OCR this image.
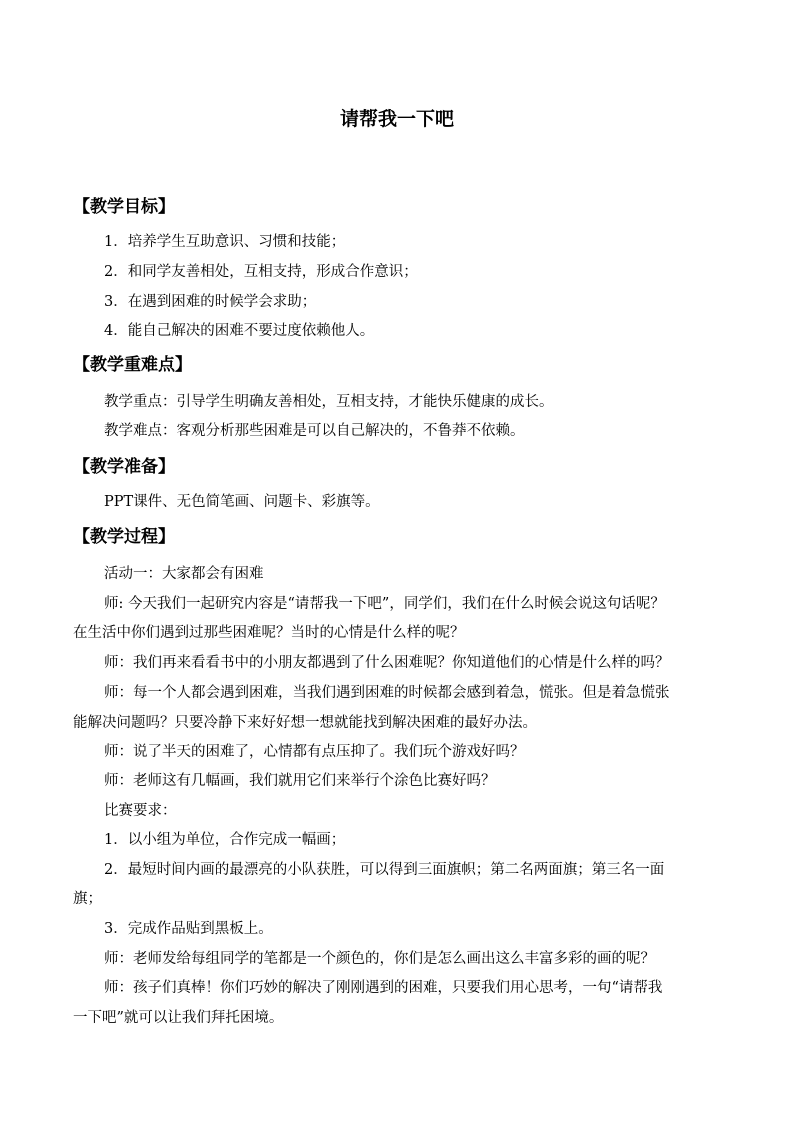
请帮我一下吧
【教学目标】
1．培养学生互助意识、习惯和技能；
2．和同学友善相处，互相支持，形成合作意识；
3．在遇到困难的时候学会求助；
4．能自己解决的困难不要过度依赖他人。
【教学重难点】
教学重点：引导学生明确友善相处，互相支持，才能快乐健康的成长。
教学难点：客观分析那些困难是可以自己解决的，不鲁莽不依赖。
【教学准备】
PPT课件、无色简笔画、问题卡、彩旗等。
【教学过程】
活动一：大家都会有困难
师: 今天我们一起研究内容是“请帮我一下吧”，同学们，我们在什么时候会说这句话呢？
在生活中你们遇到过那些困难呢？当时的心情是什么样的呢？
师：我们再来看看书中的小朋友都遇到了什么困难呢？你知道他们的心情是什么样的吗？
师：每一个人都会遇到困难，当我们遇到困难的时候都会感到着急，慌张。但是着急慌张
能解决问题吗？只要冷静下来好好想一想就能找到解决困难的最好办法。
师：说了半天的困难了，心情都有点压抑了。我们玩个游戏好吗？
师：老师这有几幅画，我们就用它们来举行个涂色比赛好吗？
比赛要求：
1．以小组为单位，合作完成一幅画；
2．最短时间内画的最漂亮的小队获胜，可以得到三面旗帜；第二名两面旗；第三名一面
旗；
3．完成作品贴到黑板上。
师：老师发给每组同学的笔都是一个颜色的，你们是怎么画出这么丰富多彩的画的呢？
师：孩子们真棒！你们巧妙的解决了刚刚遇到的困难，只要我们用心思考，一句“请帮我
一下吧”就可以让我们拜托困境。
